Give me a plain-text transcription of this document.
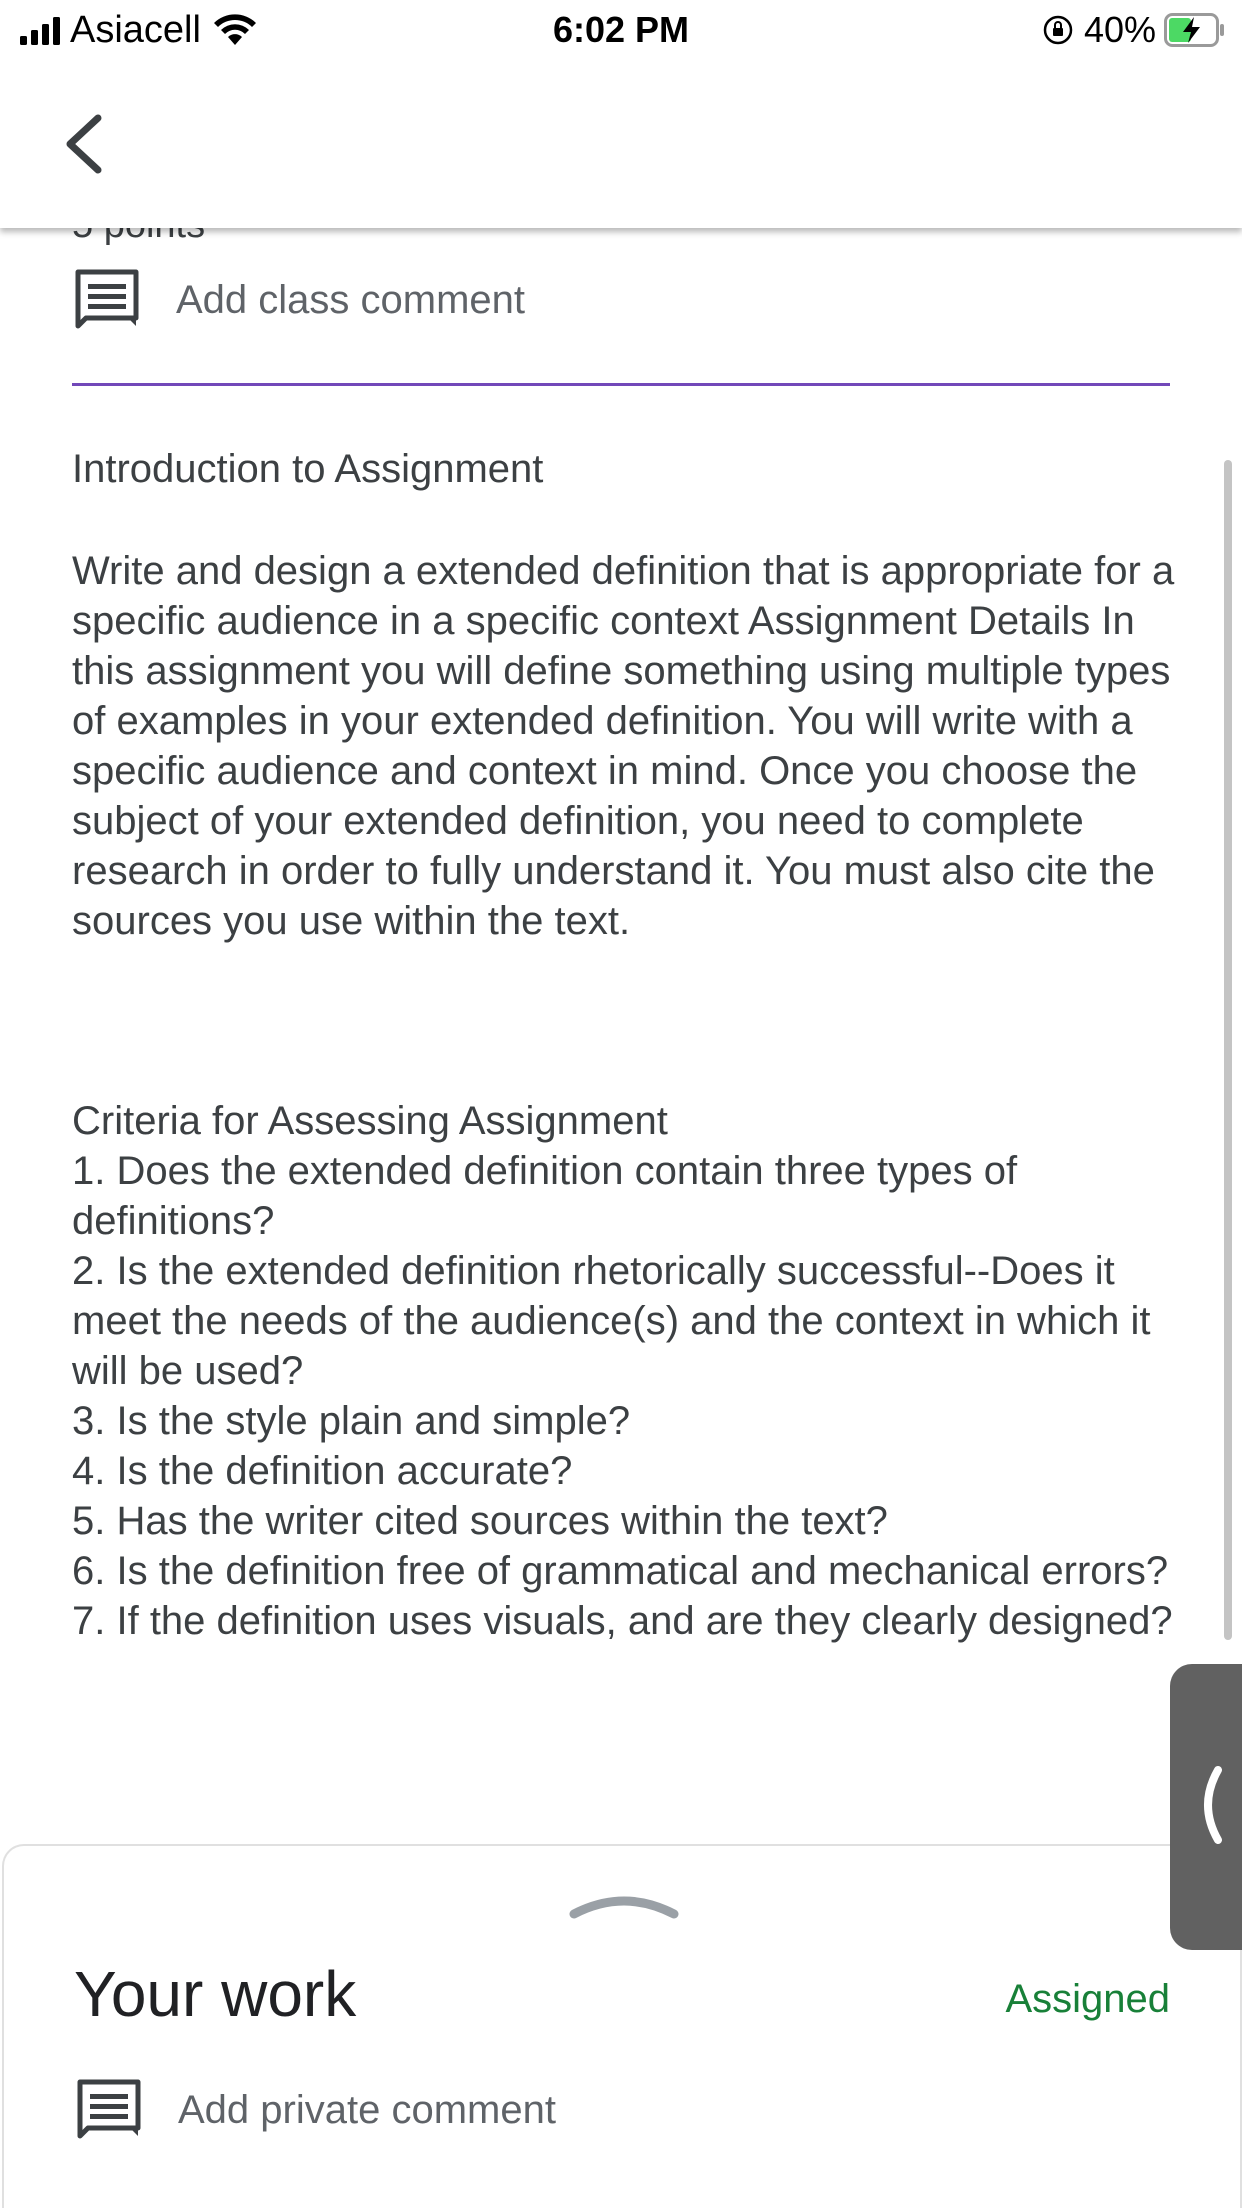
Asiacell	6:02 PM	40%
Add class comment
Introduction to Assignment
Write and design a extended definition that is appropriate for a specific audience in a specific context Assignment Details In this assignment you will define something using multiple types of examples in your extended definition. You will write with a specific audience and context in mind. Once you choose the subject of your extended definition, you need to complete research in order to fully understand it. You must also cite the sources you use within the text.
Criteria for Assessing Assignment
1. Does the extended definition contain three types of definitions?
2. Is the extended definition rhetorically successful--Does it meet the needs of the audience(s) and the context in which it will be used?
3. Is the style plain and simple?
4. Is the definition accurate?
5. Has the writer cited sources within the text?
6. Is the definition free of grammatical and mechanical errors?
7. If the definition uses visuals, and are they clearly designed?
Your work	Assigned
Add private comment
